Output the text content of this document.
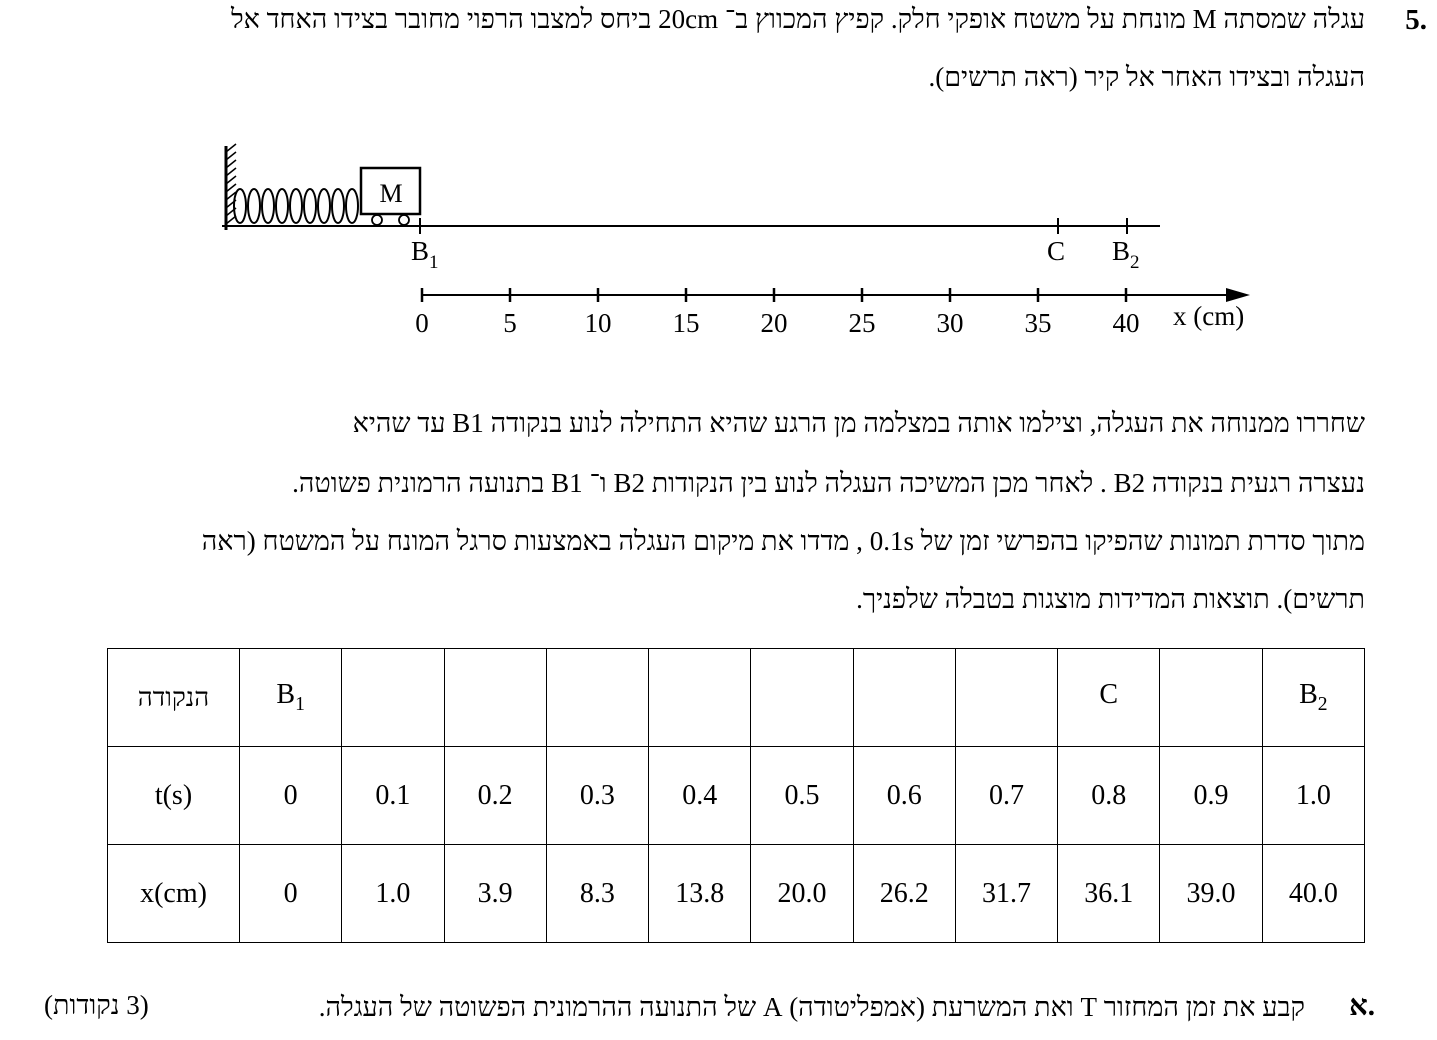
5.
עגלה שמסתה M מונחת על משטח אופקי חלק. קפיץ המכווץ ב־ 20cm ביחס למצבו הרפוי מחובר בצידו האחד אל
העגלה ובצידו האחר אל קיר (ראה תרשים).
M
$B_1$	C $B_2$
0	5	10 15 20 25 30 35 40 x (cm)
שחררו ממנוחה את העגלה, וצילמו אותה במצלמה מן הרגע שהיא התחילה לנוע בנקודה B1 עד שהיא
נעצרה רגעית בנקודה B2 . לאחר מכן המשיכה העגלה לנוע בין הנקודות B2 ו־ B1 בתנועה הרמונית פשוטה.
מתוך סדרת תמונות שהפיקו בהפרשי זמן של 0.1s , מדדו את מיקום העגלה באמצעות סרגל המונח על המשטח (ראה
תרשים). תוצאות המדידות מוצגות בטבלה שלפניך.
הנקודה	$B_1$								C		$B_2$
t(s)	0	0.1	0.2	0.3	0.4	0.5	0.6	0.7	0.8	0.9	1.0
x(cm)	0	1.0	3.9	8.3	13.8	20.0	26.2	31.7	36.1	39.0	40.0
א.
קבע את זמן המחזור T ואת המשרעת (אמפליטודה) A של התנועה ההרמונית הפשוטה של העגלה.
(3 נקודות)
